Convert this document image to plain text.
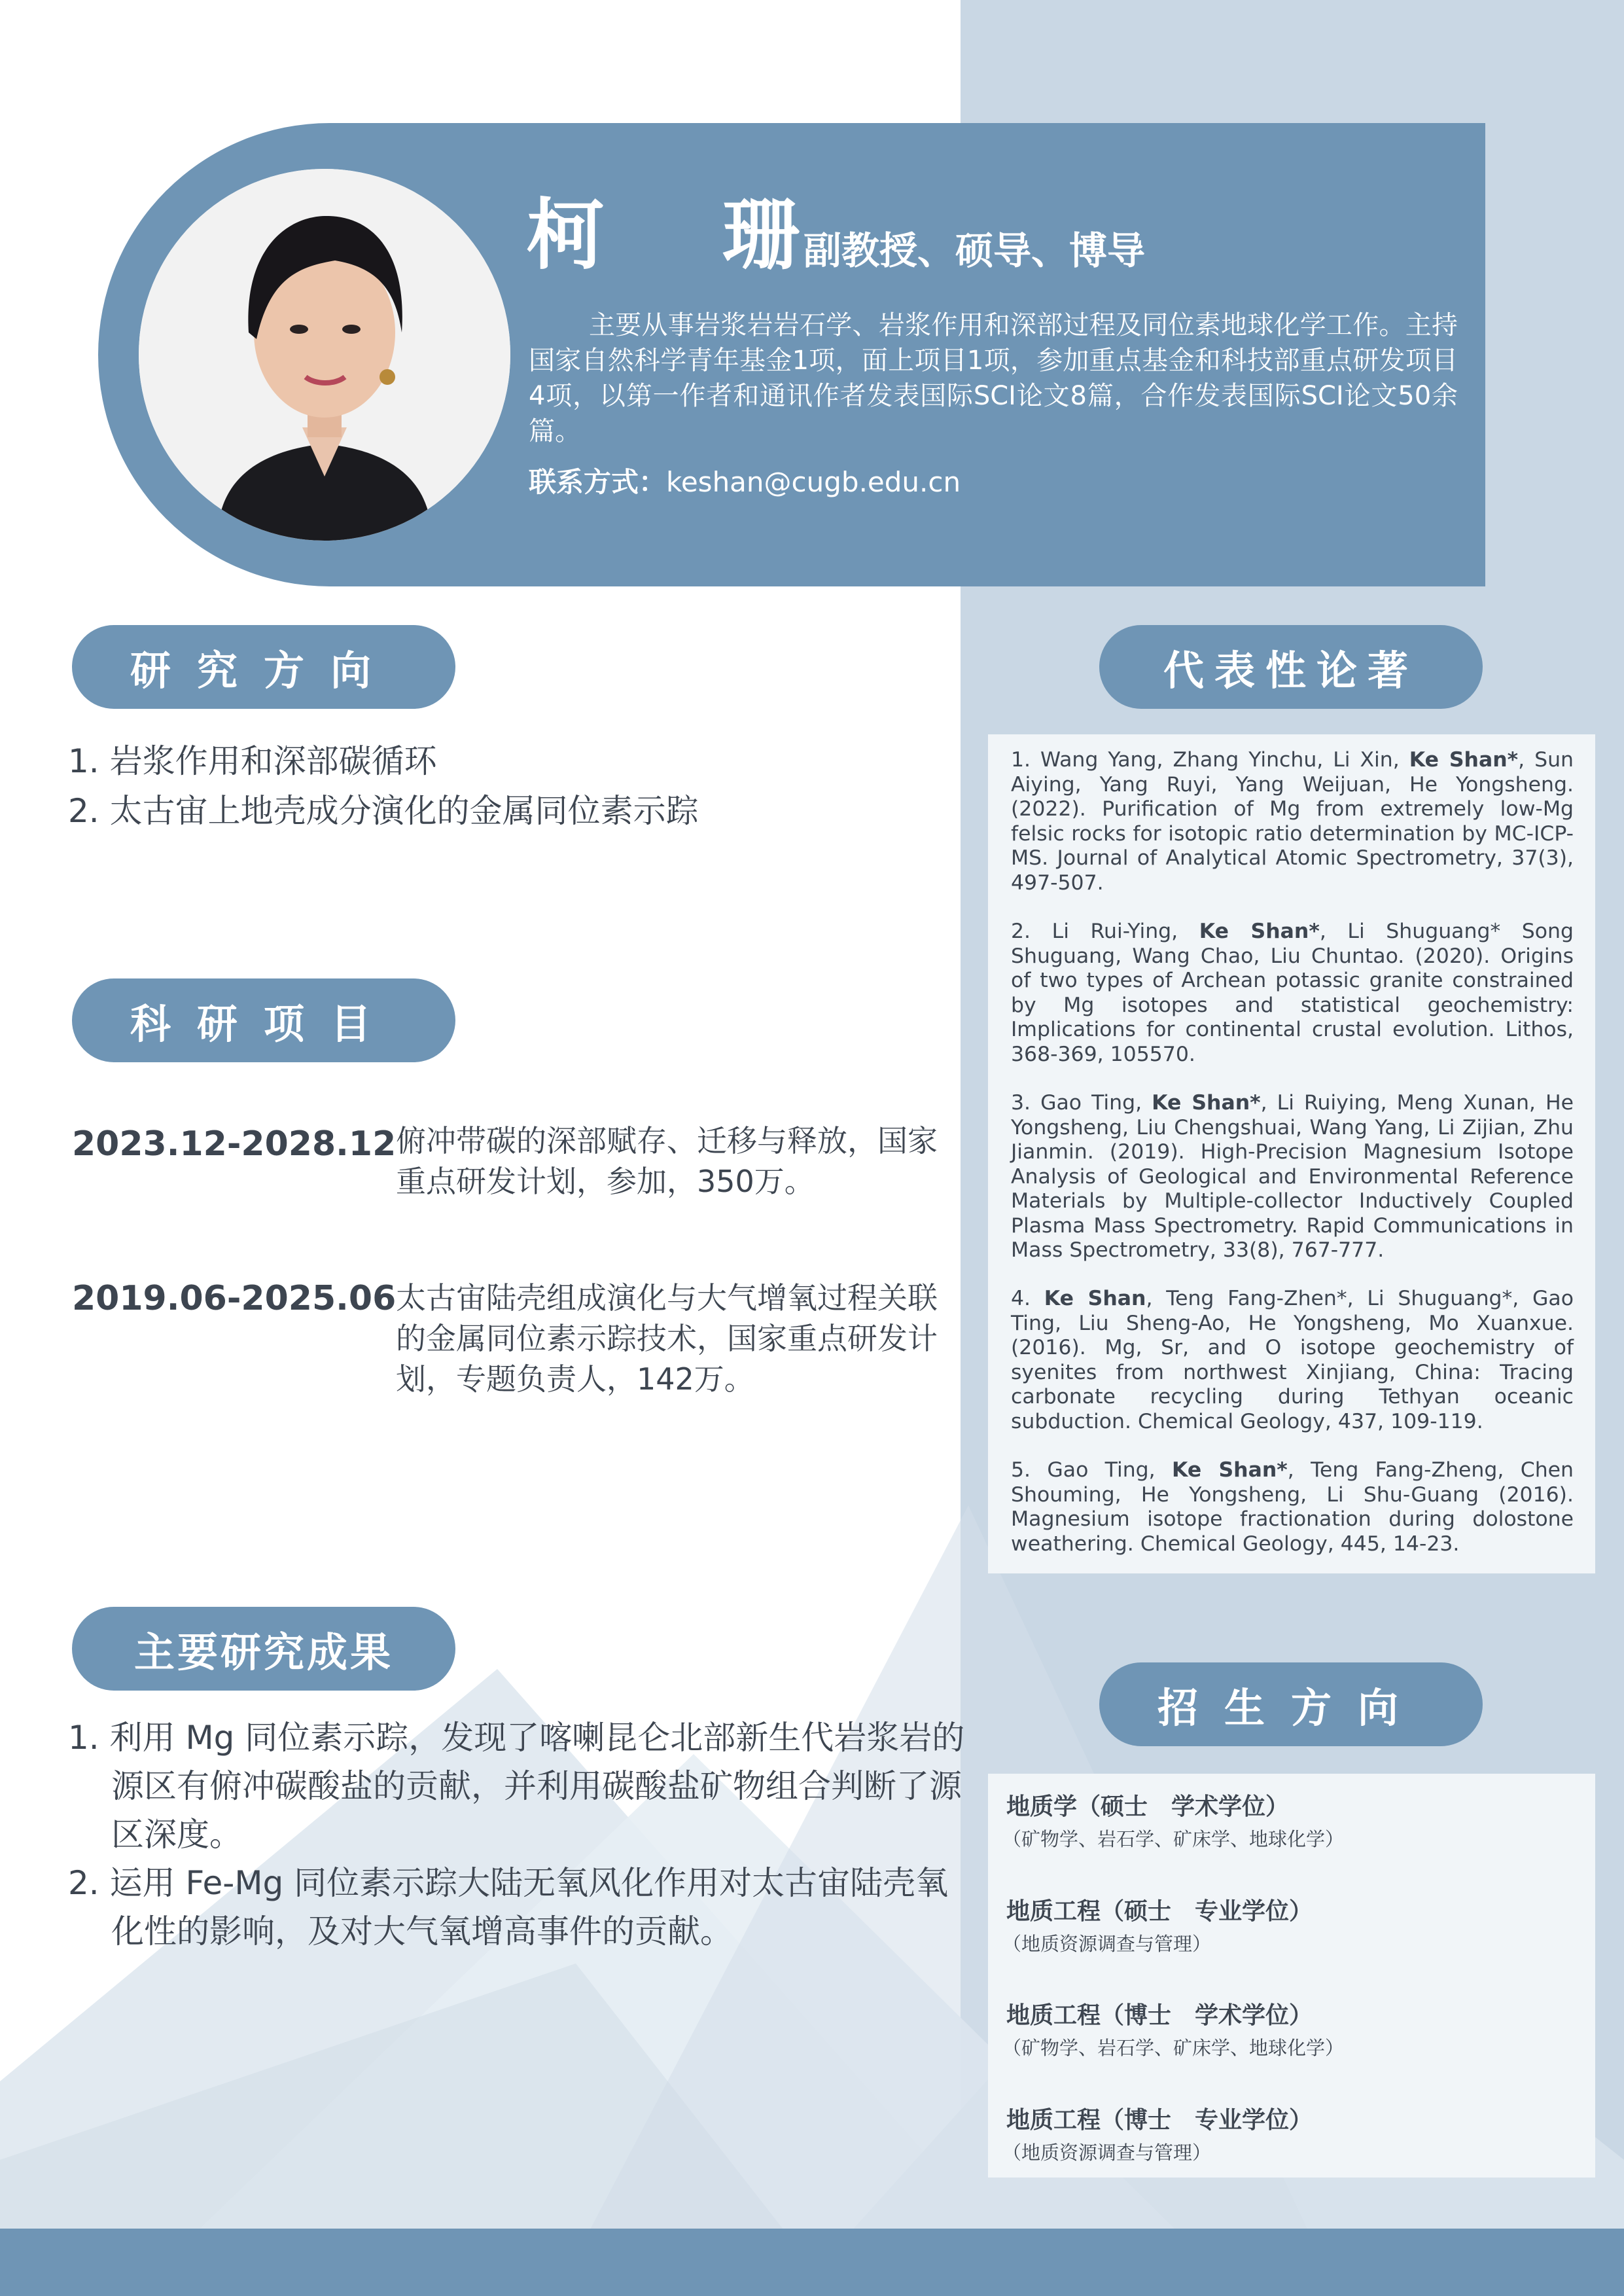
柯 珊
副教授、硕导、博导
主要从事岩浆岩岩石学、岩浆作用和深部过程及同位素地球化学工作。主持国家自然科学青年基金1项，面上项目1项，参加重点基金和科技部重点研发项目4项，以第一作者和通讯作者发表国际SCI论文8篇，合作发表国际SCI论文50余篇。
联系方式：keshan@cugb.edu.cn
研究方向
科研项目
主要研究成果
代表性论著
招生方向
1. 岩浆作用和深部碳循环
2. 太古宙上地壳成分演化的金属同位素示踪
2023.12-2028.12 俯冲带碳的深部赋存、迁移与释放，国家重点研发计划，参加，350万。
2019.06-2025.06 太古宙陆壳组成演化与大气增氧过程关联的金属同位素示踪技术，国家重点研发计划，专题负责人，142万。
1. 利用 Mg 同位素示踪，发现了喀喇昆仑北部新生代岩浆岩的源区有俯冲碳酸盐的贡献，并利用碳酸盐矿物组合判断了源区深度。
2. 运用 Fe-Mg 同位素示踪大陆无氧风化作用对太古宙陆壳氧化性的影响，及对大气氧增高事件的贡献。
1. Wang Yang, Zhang Yinchu, Li Xin, Ke Shan*, Sun Aiying, Yang Ruyi, Yang Weijuan, He Yongsheng. (2022). Purification of Mg from extremely low-Mg felsic rocks for isotopic ratio determination by MC-ICP-MS. Journal of Analytical Atomic Spectrometry, 37(3), 497-507.
2. Li Rui-Ying, Ke Shan*, Li Shuguang* Song Shuguang, Wang Chao, Liu Chuntao. (2020). Origins of two types of Archean potassic granite constrained by Mg isotopes and statistical geochemistry: Implications for continental crustal evolution. Lithos, 368-369, 105570.
3. Gao Ting, Ke Shan*, Li Ruiying, Meng Xunan, He Yongsheng, Liu Chengshuai, Wang Yang, Li Zijian, Zhu Jianmin. (2019). High-Precision Magnesium Isotope Analysis of Geological and Environmental Reference Materials by Multiple-collector Inductively Coupled Plasma Mass Spectrometry. Rapid Communications in Mass Spectrometry, 33(8), 767-777.
4. Ke Shan, Teng Fang-Zhen*, Li Shuguang*, Gao Ting, Liu Sheng-Ao, He Yongsheng, Mo Xuanxue. (2016). Mg, Sr, and O isotope geochemistry of syenites from northwest Xinjiang, China: Tracing carbonate recycling during Tethyan oceanic subduction. Chemical Geology, 437, 109-119.
5. Gao Ting, Ke Shan*, Teng Fang-Zheng, Chen Shouming, He Yongsheng, Li Shu-Guang (2016). Magnesium isotope fractionation during dolostone weathering. Chemical Geology, 445, 14-23.
地质学（硕士　学术学位）
（矿物学、岩石学、矿床学、地球化学）
地质工程（硕士　专业学位）
（地质资源调查与管理）
地质工程（博士　学术学位）
（矿物学、岩石学、矿床学、地球化学）
地质工程（博士　专业学位）
（地质资源调查与管理）
